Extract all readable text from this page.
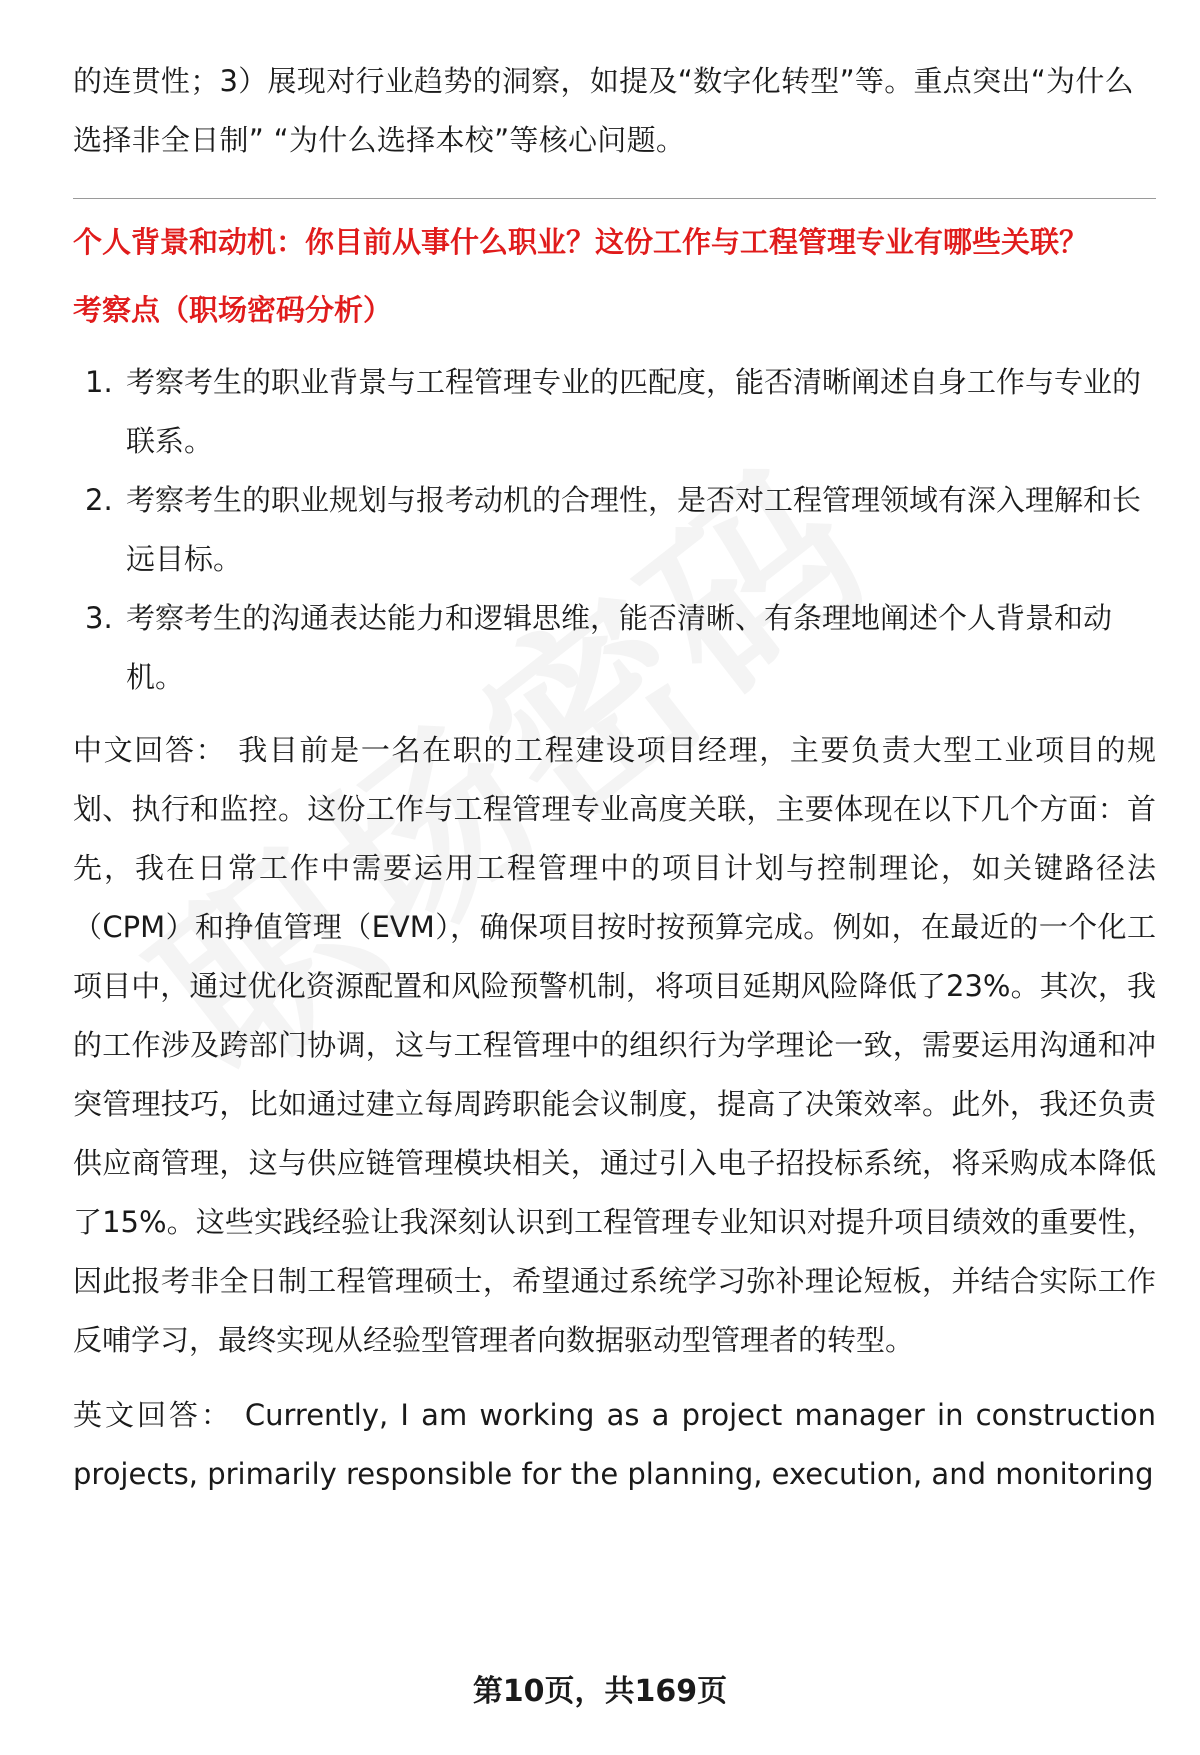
的连贯性；3）展现对行业趋势的洞察，如提及“数字化转型”等。重点突出“为什么选择非全日制” “为什么选择本校”等核心问题。

个人背景和动机：你目前从事什么职业？这份工作与工程管理专业有哪些关联？

考察点（职场密码分析）

1. 考察考生的职业背景与工程管理专业的匹配度，能否清晰阐述自身工作与专业的联系。
2. 考察考生的职业规划与报考动机的合理性，是否对工程管理领域有深入理解和长远目标。
3. 考察考生的沟通表达能力和逻辑思维，能否清晰、有条理地阐述个人背景和动机。

中文回答： 我目前是一名在职的工程建设项目经理，主要负责大型工业项目的规划、执行和监控。这份工作与工程管理专业高度关联，主要体现在以下几个方面：首先，我在日常工作中需要运用工程管理中的项目计划与控制理论，如关键路径法（CPM）和挣值管理（EVM），确保项目按时按预算完成。例如，在最近的一个化工项目中，通过优化资源配置和风险预警机制，将项目延期风险降低了23%。其次，我的工作涉及跨部门协调，这与工程管理中的组织行为学理论一致，需要运用沟通和冲突管理技巧，比如通过建立每周跨职能会议制度，提高了决策效率。此外，我还负责供应商管理，这与供应链管理模块相关，通过引入电子招投标系统，将采购成本降低了15%。这些实践经验让我深刻认识到工程管理专业知识对提升项目绩效的重要性，因此报考非全日制工程管理硕士，希望通过系统学习弥补理论短板，并结合实际工作反哺学习，最终实现从经验型管理者向数据驱动型管理者的转型。

英文回答： Currently, I am working as a project manager in construction projects, primarily responsible for the planning, execution, and monitoring

第10页，共169页
